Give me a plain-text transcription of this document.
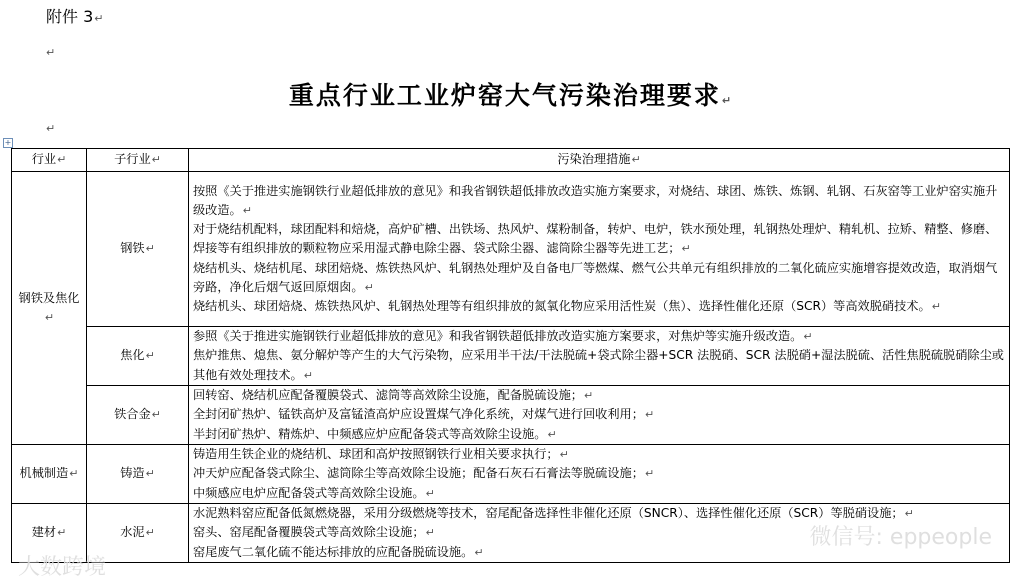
附件 3↵
↵
重点行业工业炉窑大气污染治理要求↵
↵
+
行业↵	子行业↵	污染治理措施↵
钢铁及焦化↵	钢铁↵	按照《关于推进实施钢铁行业超低排放的意见》和我省钢铁超低排放改造实施方案要求，对烧结、球团、炼铁、炼钢、轧钢、石灰窑等工业炉窑实施升级改造。↵
对于烧结机配料，球团配料和焙烧，高炉矿槽、出铁场、热风炉、煤粉制备，转炉、电炉，铁水预处理，轧钢热处理炉、精轧机、拉矫、精整、修磨、焊接等有组织排放的颗粒物应采用湿式静电除尘器、袋式除尘器、滤筒除尘器等先进工艺；↵
烧结机头、烧结机尾、球团焙烧、炼铁热风炉、轧钢热处理炉及自备电厂等燃煤、燃气公共单元有组织排放的二氧化硫应实施增容提效改造，取消烟气旁路，净化后烟气返回原烟囱。↵
烧结机头、球团焙烧、炼铁热风炉、轧钢热处理等有组织排放的氮氧化物应采用活性炭（焦）、选择性催化还原（SCR）等高效脱硝技术。↵

	焦化↵	参照《关于推进实施钢铁行业超低排放的意见》和我省钢铁超低排放改造实施方案要求，对焦炉等实施升级改造。↵
焦炉推焦、熄焦、氨分解炉等产生的大气污染物，应采用半干法/干法脱硫+袋式除尘器+SCR 法脱硝、SCR 法脱硝+湿法脱硫、活性焦脱硫脱硝除尘或其他有效处理技术。↵

	铁合金↵	回转窑、烧结机应配备覆膜袋式、滤筒等高效除尘设施，配备脱硫设施；↵
全封闭矿热炉、锰铁高炉及富锰渣高炉应设置煤气净化系统，对煤气进行回收利用；↵
半封闭矿热炉、精炼炉、中频感应炉应配备袋式等高效除尘设施。↵

机械制造↵	铸造↵	铸造用生铁企业的烧结机、球团和高炉按照钢铁行业相关要求执行；↵
冲天炉应配备袋式除尘、滤筒除尘等高效除尘设施；配备石灰石石膏法等脱硫设施；↵
中频感应电炉应配备袋式等高效除尘设施。↵

建材↵	水泥↵	水泥熟料窑应配备低氮燃烧器，采用分级燃烧等技术，窑尾配备选择性非催化还原（SNCR）、选择性催化还原（SCR）等脱硝设施；↵
窑头、窑尾配备覆膜袋式等高效除尘设施；↵
窑尾废气二氧化硫不能达标排放的应配备脱硫设施。↵
微信号: eppeople
大数跨境
